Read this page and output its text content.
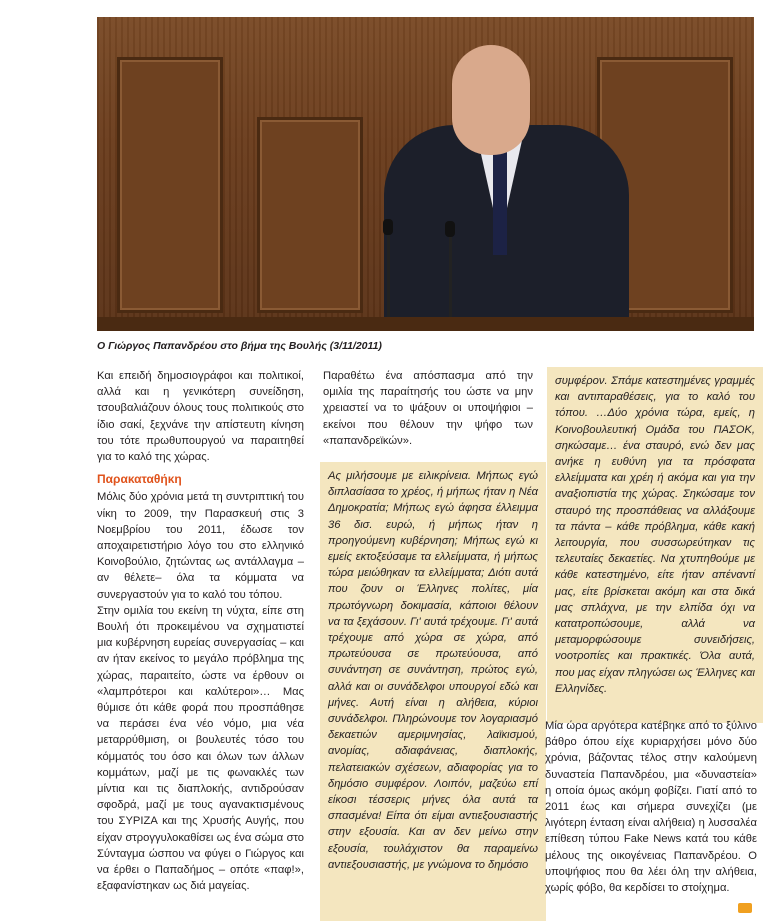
Ο Γιώργος Παπανδρέου στο βήμα της Βουλής (3/11/2011)

Και επειδή δημοσιογράφοι και πολιτικοί, αλλά και η γενικότερη συνείδηση, τσουβαλιάζουν όλους τους πολιτικούς στο ίδιο σακί, ξεχνάνε την απίστευτη κίνηση του τότε πρωθυπουργού να παραιτηθεί για το καλό της χώρας.

Παρακαταθήκη

Μόλις δύο χρόνια μετά τη συντριπτική του νίκη το 2009, την Παρασκευή στις 3 Νοεμβρίου του 2011, έδωσε τον αποχαιρετιστήριο λόγο του στο ελληνικό Κοινοβούλιο, ζητώντας ως αντάλλαγμα –αν θέλετε– όλα τα κόμματα να συνεργαστούν για το καλό του τόπου.

Στην ομιλία του εκείνη τη νύχτα, είπε στη Βουλή ότι προκειμένου να σχηματιστεί μια κυβέρνηση ευρείας συνεργασίας – και αν ήταν εκείνος το μεγάλο πρόβλημα της χώρας, παραιτείτο, ώστε να έρθουν οι «λαμπρότεροι και καλύτεροι»… Μας θύμισε ότι κάθε φορά που προσπάθησε να περάσει ένα νέο νόμο, μια νέα μεταρρύθμιση, οι βουλευτές τόσο του κόμματός του όσο και όλων των άλλων κομμάτων, μαζί με τις φωνακλές των μίντια και τις διαπλοκής, αντιδρούσαν σφοδρά, μαζί με τους αγανακτισμένους του ΣΥΡΙΖΑ και της Χρυσής Αυγής, που είχαν στρογγυλοκαθίσει ως ένα σώμα στο Σύνταγμα ώσπου να φύγει ο Γιώργος και να έρθει ο Παπαδήμος – οπότε «παφ!», εξαφανίστηκαν ως διά μαγείας.

Παραθέτω ένα απόσπασμα από την ομιλία της παραίτησής του ώστε να μην χρειαστεί να το ψάξουν οι υποψήφιοι – εκείνοι που θέλουν την ψήφο των «παπανδρεϊκών».

Ας μιλήσουμε με ειλικρίνεια. Μήπως εγώ διπλασίασα το χρέος, ή μήπως ήταν η Νέα Δημοκρατία; Μήπως εγώ άφησα έλλειμμα 36 δισ. ευρώ, ή μήπως ήταν η προηγούμενη κυβέρνηση; Μήπως εγώ κι εμείς εκτοξεύσαμε τα ελλείμματα, ή μήπως τώρα μειώθηκαν τα ελλείμματα; Διότι αυτά που ζουν οι Έλληνες πολίτες, μία πρωτόγνωρη δοκιμασία, κάποιοι θέλουν να τα ξεχάσουν. Γι' αυτά τρέχουμε. Γι' αυτά τρέχουμε από χώρα σε χώρα, από πρωτεύουσα σε πρωτεύουσα, από συνάντηση σε συνάντηση, πρώτος εγώ, αλλά και οι συνάδελφοι υπουργοί εδώ και μήνες. Αυτή είναι η αλήθεια, κύριοι συνάδελφοι. Πληρώνουμε τον λογαριασμό δεκαετιών αμεριμνησίας, λαϊκισμού, ανομίας, αδιαφάνειας, διαπλοκής, πελατειακών σχέσεων, αδιαφορίας για το δημόσιο συμφέρον. Λοιπόν, μαζεύω επί είκοσι τέσσερις μήνες όλα αυτά τα σπασμένα! Είπα ότι είμαι αντιεξουσιαστής στην εξουσία. Και αν δεν μείνω στην εξουσία, τουλάχιστον θα παραμείνω αντιεξουσιαστής, με γνώμονα το δημόσιο
συμφέρον. Σπάμε κατεστημένες γραμμές και αντιπαραθέσεις, για το καλό του τόπου. …Δύο χρόνια τώρα, εμείς, η Κοινοβουλευτική Ομάδα του ΠΑΣΟΚ, σηκώσαμε… ένα σταυρό, ενώ δεν μας ανήκε η ευθύνη για τα πρόσφατα ελλείμματα και χρέη ή ακόμα και για την αναξιοπιστία της χώρας. Σηκώσαμε τον σταυρό της προσπάθειας να αλλάξουμε τα πάντα – κάθε πρόβλημα, κάθε κακή λειτουργία, που συσσωρεύτηκαν τις τελευταίες δεκαετίες. Να χτυπηθούμε με κάθε κατεστημένο, είτε ήταν απέναντί μας, είτε βρίσκεται ακόμη και στα δικά μας σπλάχνα, με την ελπίδα όχι να κατατροπώσουμε, αλλά να μεταμορφώσουμε συνειδήσεις, νοοτροπίες και πρακτικές. Όλα αυτά, που μας είχαν πληγώσει ως Έλληνες και Ελληνίδες.

Μία ώρα αργότερα κατέβηκε από το ξύλινο βάθρο όπου είχε κυριαρχήσει μόνο δύο χρόνια, βάζοντας τέλος στην καλούμενη δυναστεία Παπανδρέου, μια «δυναστεία» η οποία όμως ακόμη φοβίζει. Γιατί από το 2011 έως και σήμερα συνεχίζει (με λιγότερη ένταση είναι αλήθεια) η λυσσαλέα επίθεση τύπου Fake News κατά του κάθε μέλους της οικογένειας Παπανδρέου. Ο υποψήφιος που θα λέει όλη την αλήθεια, χωρίς φόβο, θα κερδίσει το στοίχημα.
